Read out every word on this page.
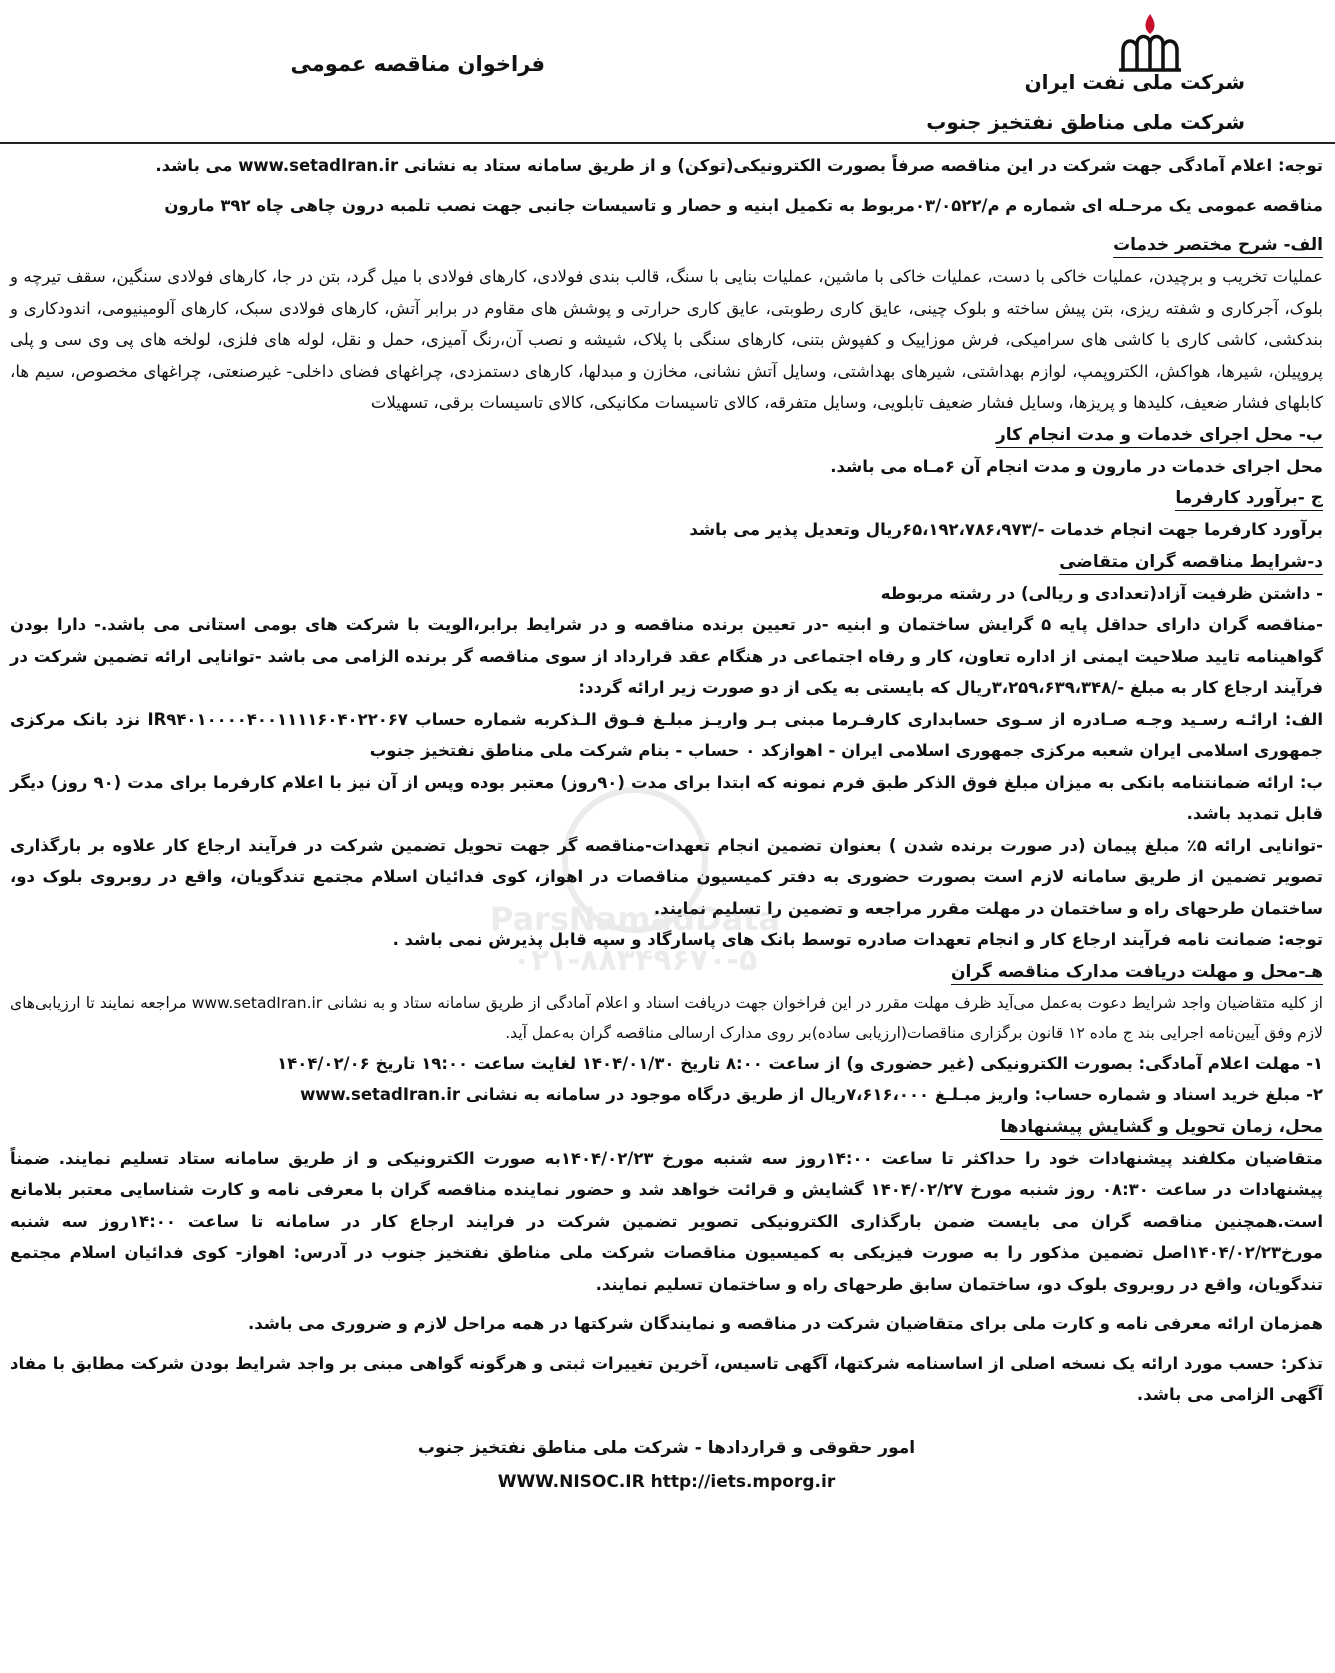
شرکت ملی نفت ایران
شرکت ملی مناطق نفتخیز جنوب
فراخوان مناقصه عمومی

توجه: اعلام آمادگی جهت شرکت در این مناقصه صرفاً بصورت الکترونیکی(توکن) و از طریق سامانه ستاد به نشانی www.setadIran.ir می باشد.

مناقصه عمومی یک مرحـله ای شماره م م/۰۳/۰۵۲۲مربوط به تکمیل ابنیه و حصار و تاسیسات جانبی جهت نصب تلمبه درون چاهی چاه ۳۹۲ مارون

الف- شرح مختصر خدمات

عملیات تخریب و برچیدن، عملیات خاکی با دست، عملیات خاکی با ماشین، عملیات بنایی با سنگ، قالب بندی فولادی، کارهای فولادی با میل گرد، بتن در جا، کارهای فولادی سنگین، سقف تیرچه و بلوک، آجرکاری و شفته ریزی، بتن پیش ساخته و بلوک چینی، عایق کاری رطوبتی، عایق کاری حرارتی و پوشش های مقاوم در برابر آتش، کارهای فولادی سبک، کارهای آلومینیومی، اندودکاری و بندکشی، کاشی کاری با کاشی های سرامیکی، فرش موزاییک و کفپوش بتنی، کارهای سنگی با پلاک، شیشه و نصب آن،رنگ آمیزی، حمل و نقل، لوله های فلزی، لولخه های پی وی سی و پلی پروپیلن، شیرها، هواکش، الکتروپمپ، لوازم بهداشتی، شیرهای بهداشتی، وسایل آتش نشانی، مخازن و مبدلها، کارهای دستمزدی، چراغهای فضای داخلی- غیرصنعتی، چراغهای مخصوص، سیم ها، کابلهای فشار ضعیف، کلیدها و پریزها، وسایل فشار ضعیف تابلویی، وسایل متفرقه، کالای تاسیسات مکانیکی، کالای تاسیسات برقی، تسهیلات

ب- محل اجرای خدمات و مدت انجام کار

محل اجرای خدمات در مارون و مدت انجام آن ۶مـاه می باشد.

ج -برآورد کارفرما

برآورد کارفرما جهت انجام خدمات -/۶۵،۱۹۲،۷۸۶،۹۷۳ریال وتعدیل پذیر می باشد

د-شرایط مناقصه گران متقاضی

- داشتن ظرفیت آزاد(تعدادی و ریالی) در رشته مربوطه

-مناقصه گران دارای حداقل پایه ۵ گرایش ساختمان و ابنیه -در تعیین برنده مناقصه و در شرایط برابر،الویت با شرکت های بومی استانی می باشد.- دارا بودن گواهینامه تایید صلاحیت ایمنی از اداره تعاون، کار و رفاه اجتماعی در هنگام عقد قرارداد از سوی مناقصه گر برنده الزامی می باشد -توانایی ارائه تضمین شرکت در فرآیند ارجاع کار به مبلغ -/۳،۲۵۹،۶۳۹،۳۴۸ریال که بایستی به یکی از دو صورت زیر ارائه گردد:

الف: ارائـه رسـید وجـه صـادره از سـوی حسابداری کارفـرما مبنی بـر واریـز مبلـغ فـوق الـذکربه شماره حساب IR۹۴۰۱۰۰۰۰۴۰۰۱۱۱۱۶۰۴۰۲۲۰۶۷ نزد بانک مرکزی جمهوری اسلامی ایران شعبه مرکزی جمهوری اسلامی ایران - اهوازکد ۰ حساب - بنام شرکت ملی مناطق نفتخیز جنوب

ب: ارائه ضمانتنامه بانکی به میزان مبلغ فوق الذکر طبق فرم نمونه که ابتدا برای مدت (۹۰روز) معتبر بوده وپس از آن نیز با اعلام کارفرما برای مدت (۹۰ روز) دیگر قابل تمدید باشد.

-توانایی ارائه ۵٪ مبلغ پیمان (در صورت برنده شدن ) بعنوان تضمین انجام تعهدات-مناقصه گر جهت تحویل تضمین شرکت در فرآیند ارجاع کار علاوه بر بارگذاری تصویر تضمین از طریق سامانه لازم است بصورت حضوری به دفتر کمیسیون مناقصات در اهواز، کوی فدائیان اسلام مجتمع تندگویان، واقع در روبروی بلوک دو، ساختمان طرحهای راه و ساختمان در مهلت مقرر مراجعه و تضمین را تسلیم نمایند.

توجه: ضمانت نامه فرآیند ارجاع کار و انجام تعهدات صادره توسط بانک های پاسارگاد و سپه قابل پذیرش نمی باشد .

هـ-محل و مهلت دریافت مدارک مناقصه گران

از کلیه متقاضیان واجد شرایط دعوت به‌عمل می‌آید ظرف مهلت مقرر در این فراخوان جهت دریافت اسناد و اعلام آمادگی از طریق سامانه ستاد و به نشانی www.setadIran.ir مراجعه نمایند تا ارزیابی‌های لازم وفق آیین‌نامه اجرایی بند ج ماده ۱۲ قانون برگزاری مناقصات(ارزیابی ساده)بر روی مدارک ارسالی مناقصه گران به‌عمل آید.

۱- مهلت اعلام آمادگی: بصورت الکترونیکی (غیر حضوری و) از ساعت ۸:۰۰ تاریخ ۱۴۰۴/۰۱/۳۰ لغایت ساعت ۱۹:۰۰ تاریخ ۱۴۰۴/۰۲/۰۶

۲- مبلغ خرید اسناد و شماره حساب: واریز مبـلـغ ۷،۶۱۶،۰۰۰ریال از طریق درگاه موجود در سامانه به نشانی www.setadIran.ir

محل، زمان تحویل و گشایش پیشنهادها

متقاضیان مکلفند پیشنهادات خود را حداکثر تا ساعت ۱۴:۰۰روز سه شنبه مورخ ۱۴۰۴/۰۲/۲۳به صورت الکترونیکی و از طریق سامانه ستاد تسلیم نمایند. ضمناً پیشنهادات در ساعت ۰۸:۳۰ روز شنبه مورخ ۱۴۰۴/۰۲/۲۷ گشایش و قرائت خواهد شد و حضور نماینده مناقصه گران با معرفی نامه و کارت شناسایی معتبر بلامانع است.همچنین مناقصه گران می بایست ضمن بارگذاری الکترونیکی تصویر تضمین شرکت در فرایند ارجاع کار در سامانه تا ساعت ۱۴:۰۰روز سه شنبه مورخ۱۴۰۴/۰۲/۲۳اصل تضمین مذکور را به صورت فیزیکی به کمیسیون مناقصات شرکت ملی مناطق نفتخیز جنوب در آدرس: اهواز- کوی فدائیان اسلام مجتمع تندگویان، واقع در روبروی بلوک دو، ساختمان سابق طرحهای راه و ساختمان تسلیم نمایند.

همزمان ارائه معرفی نامه و کارت ملی برای متقاضیان شرکت در مناقصه و نمایندگان شرکتها در همه مراحل لازم و ضروری می باشد.

تذکر: حسب مورد ارائه یک نسخه اصلی از اساسنامه شرکتها، آگهی تاسیس، آخرین تغییرات ثبتی و هرگونه گواهی مبنی بر واجد شرایط بودن شرکت مطابق با مفاد آگهی الزامی می باشد.

امور حقوقی و قراردادها - شرکت ملی مناطق نفتخیز جنوب
WWW.NISOC.IR http://iets.mporg.ir
ParsNamadData
۰۲۱-۸۸۳۴۹۶۷۰-۵
